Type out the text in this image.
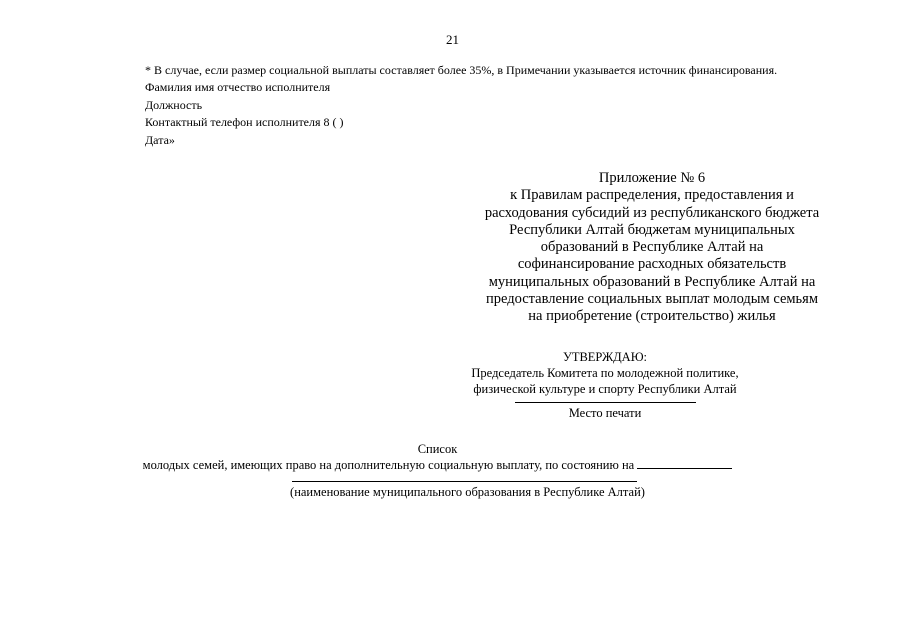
21
* В случае, если размер социальной выплаты составляет более 35%, в Примечании указывается источник финансирования.
Фамилия имя отчество исполнителя
Должность
Контактный телефон исполнителя 8 ( )
Дата»
Приложение № 6
к Правилам распределения, предоставления и
расходования субсидий из республиканского бюджета
Республики Алтай бюджетам муниципальных
образований в Республике Алтай на
софинансирование расходных обязательств
муниципальных образований в Республике Алтай на
предоставление социальных выплат молодым семьям
на приобретение (строительство) жилья
УТВЕРЖДАЮ:
Председатель Комитета по молодежной политике,
физической культуре и спорту Республики Алтай
Место печати
Список
молодых семей, имеющих право на дополнительную социальную выплату, по состоянию на
(наименование муниципального образования в Республике Алтай)
